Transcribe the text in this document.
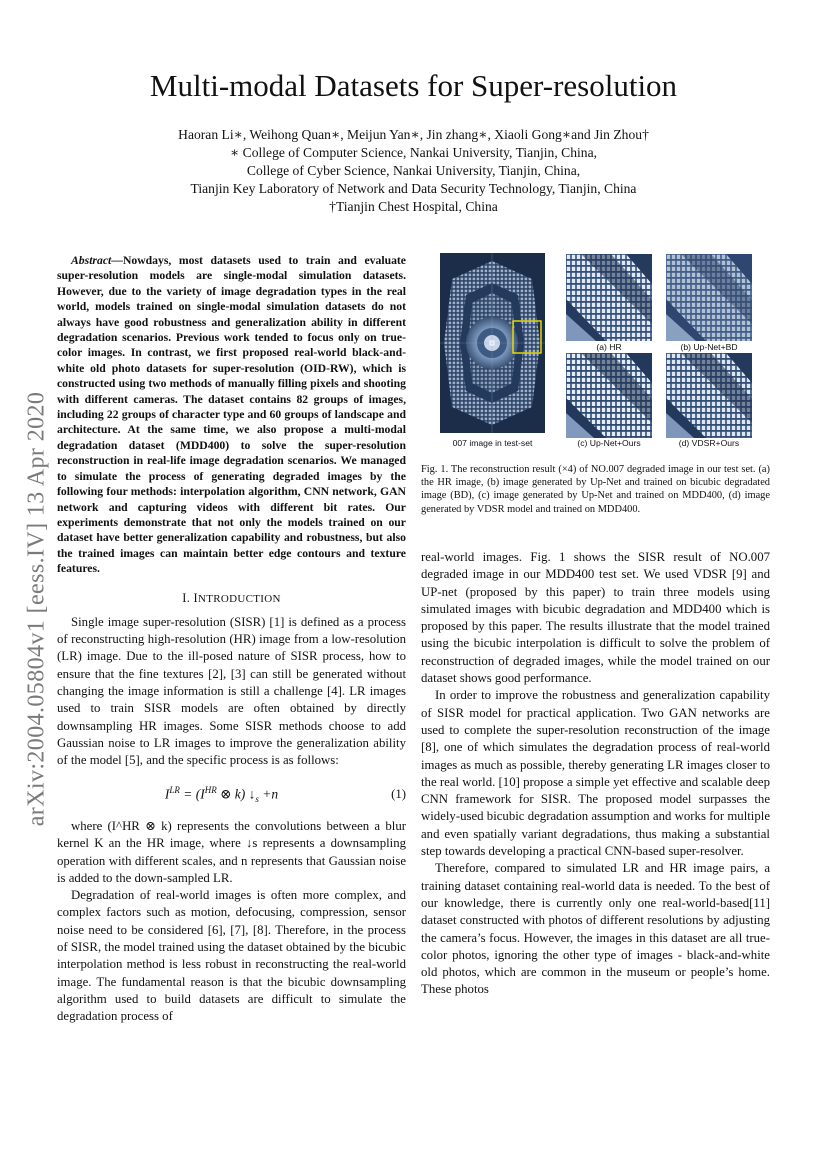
arXiv:2004.05804v1 [eess.IV] 13 Apr 2020
Multi-modal Datasets for Super-resolution
Haoran Li∗, Weihong Quan∗, Meijun Yan∗, Jin zhang∗, Xiaoli Gong∗and Jin Zhou†
∗ College of Computer Science, Nankai University, Tianjin, China,
College of Cyber Science, Nankai University, Tianjin, China,
Tianjin Key Laboratory of Network and Data Security Technology, Tianjin, China
†Tianjin Chest Hospital, China

Abstract—Nowdays, most datasets used to train and evaluate super-resolution models are single-modal simulation datasets. However, due to the variety of image degradation types in the real world, models trained on single-modal simulation datasets do not always have good robustness and generalization ability in different degradation scenarios. Previous work tended to focus only on true-color images. In contrast, we first proposed real-world black-and-white old photo datasets for super-resolution (OID-RW), which is constructed using two methods of manually filling pixels and shooting with different cameras. The dataset contains 82 groups of images, including 22 groups of character type and 60 groups of landscape and architecture. At the same time, we also propose a multi-modal degradation dataset (MDD400) to solve the super-resolution reconstruction in real-life image degradation scenarios. We managed to simulate the process of generating degraded images by the following four methods: interpolation algorithm, CNN network, GAN network and capturing videos with different bit rates. Our experiments demonstrate that not only the models trained on our dataset have better generalization capability and robustness, but also the trained images can maintain better edge contours and texture features.

I. INTRODUCTION

Single image super-resolution (SISR) [1] is defined as a process of reconstructing high-resolution (HR) image from a low-resolution (LR) image. Due to the ill-posed nature of SISR process, how to ensure that the fine textures [2], [3] can still be generated without changing the image information is still a challenge [4]. LR images used to train SISR models are often obtained by directly downsampling HR images. Some SISR methods choose to add Gaussian noise to LR images to improve the generalization ability of the model [5], and the specific process is as follows:

$I^{LR} = (I^{HR}$ ⊗ k) $↓_s +n$	(1)

where (I^HR ⊗ k) represents the convolutions between a blur kernel K an the HR image, where ↓s represents a downsampling operation with different scales, and n represents that Gaussian noise is added to the down-sampled LR.

Degradation of real-world images is often more complex, and complex factors such as motion, defocusing, compression, sensor noise need to be considered [6], [7], [8]. Therefore, in the process of SISR, the model trained using the dataset obtained by the bicubic interpolation method is less robust in reconstructing the real-world image. The fundamental reason is that the bicubic downsampling algorithm used to build datasets are difficult to simulate the degradation process of

007 image in test-set
(a) HR	(b) Up-Net+BD
(c) Up-Net+Ours	(d) VDSR+Ours
Fig. 1. The reconstruction result (×4) of NO.007 degraded image in our test set. (a) the HR image, (b) image generated by Up-Net and trained on bicubic degradated image (BD), (c) image generated by Up-Net and trained on MDD400, (d) image generated by VDSR model and trained on MDD400.

real-world images. Fig. 1 shows the SISR result of NO.007 degraded image in our MDD400 test set. We used VDSR [9] and UP-net (proposed by this paper) to train three models using simulated images with bicubic degradation and MDD400 which is proposed by this paper. The results illustrate that the model trained using the bicubic interpolation is difficult to solve the problem of reconstruction of degraded images, while the model trained on our dataset shows good performance.

In order to improve the robustness and generalization capability of SISR model for practical application. Two GAN networks are used to complete the super-resolution reconstruction of the image [8], one of which simulates the degradation process of real-world images as much as possible, thereby generating LR images closer to the real world. [10] propose a simple yet effective and scalable deep CNN framework for SISR. The proposed model surpasses the widely-used bicubic degradation assumption and works for multiple and even spatially variant degradations, thus making a substantial step towards developing a practical CNN-based super-resolver.

Therefore, compared to simulated LR and HR image pairs, a training dataset containing real-world data is needed. To the best of our knowledge, there is currently only one real-world-based[11] dataset constructed with photos of different resolutions by adjusting the camera’s focus. However, the images in this dataset are all true-color photos, ignoring the other type of images - black-and-white old photos, which are common in the museum or people’s home. These photos
